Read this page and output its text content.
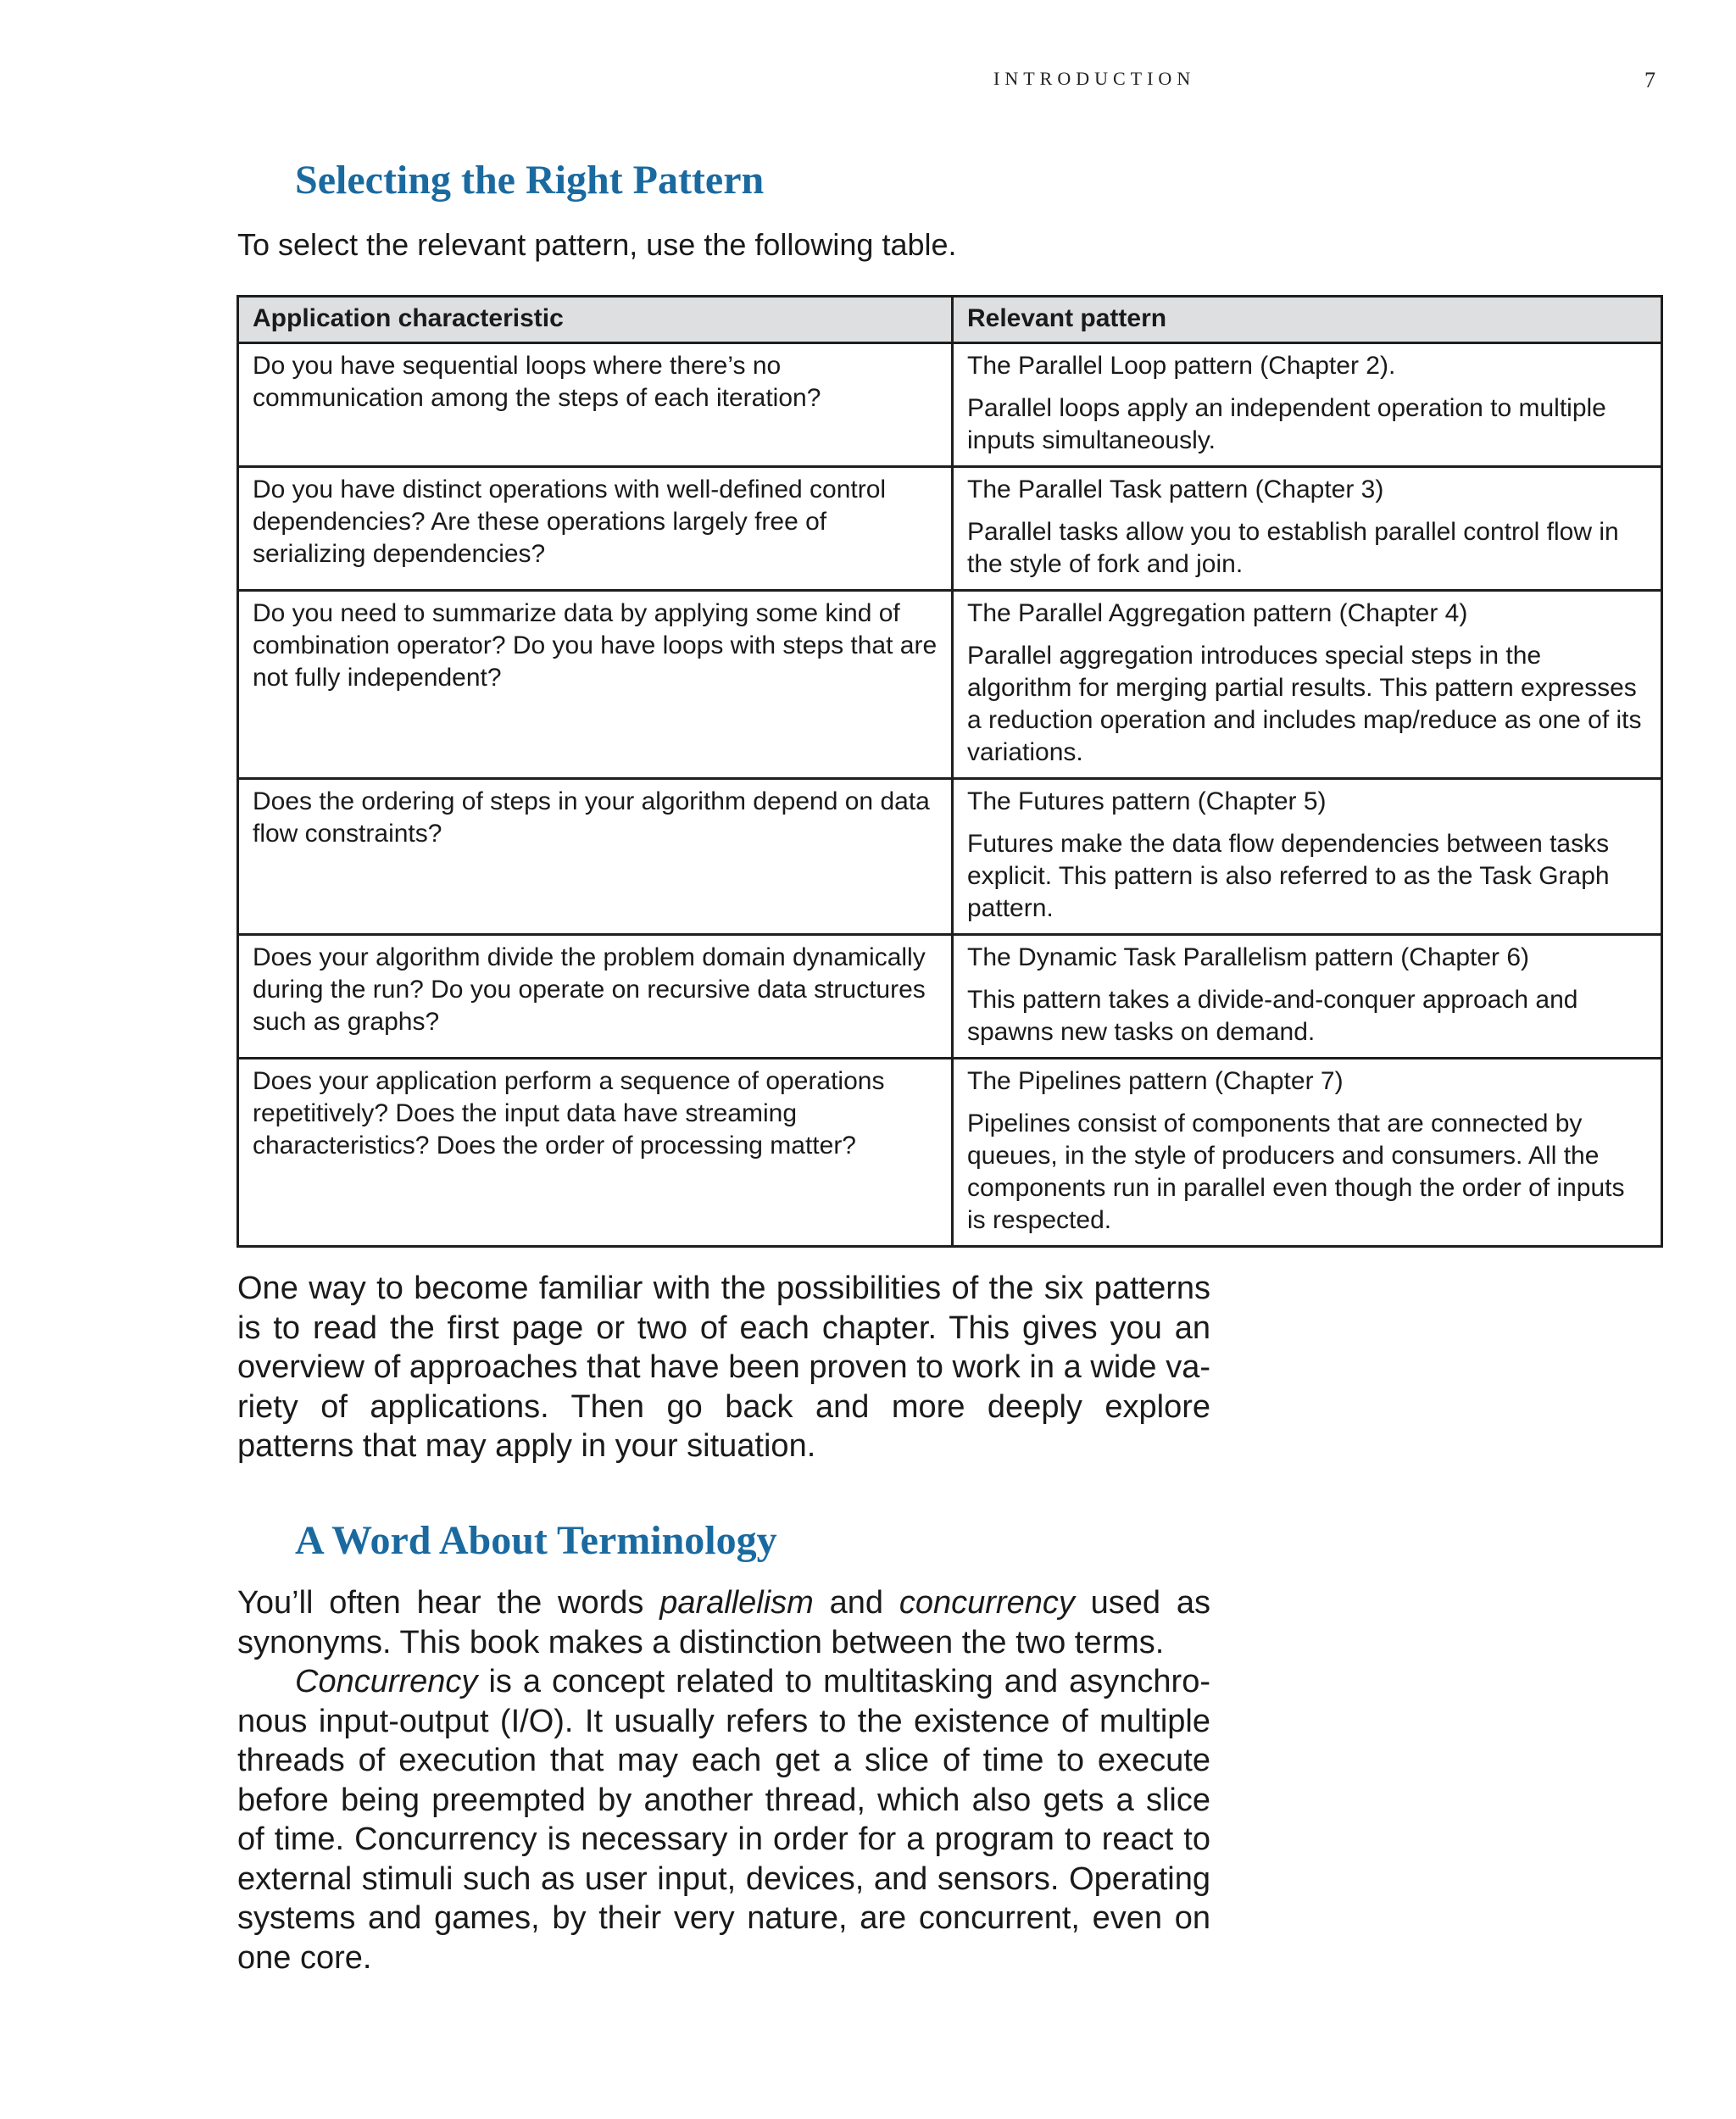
INTRODUCTION	7
Selecting the Right Pattern

To select the relevant pattern, use the following table.

Application characteristic	Relevant pattern
Do you have sequential loops where there’s no communication among the steps of each iteration?	The Parallel Loop pattern (Chapter 2).
Parallel loops apply an independent operation to multiple inputs simultaneously.

Do you have distinct operations with well-defined control dependencies? Are these operations largely free of serializing dependencies?	The Parallel Task pattern (Chapter 3)
Parallel tasks allow you to establish parallel control flow in the style of fork and join.

Do you need to summarize data by applying some kind of combination operator? Do you have loops with steps that are not fully independent?	The Parallel Aggregation pattern (Chapter 4)
Parallel aggregation introduces special steps in the algorithm for merging partial results. This pattern expresses a reduction operation and includes map/reduce as one of its variations.

Does the ordering of steps in your algorithm depend on data flow constraints?	The Futures pattern (Chapter 5)
Futures make the data flow dependencies between tasks explicit. This pattern is also referred to as the Task Graph pattern.

Does your algorithm divide the problem domain dynamically during the run? Do you operate on recursive data structures such as graphs?	The Dynamic Task Parallelism pattern (Chapter 6)
This pattern takes a divide-and-conquer approach and spawns new tasks on demand.

Does your application perform a sequence of operations repetitively? Does the input data have streaming characteristics? Does the order of processing matter?	The Pipelines pattern (Chapter 7)
Pipelines consist of components that are connected by queues, in the style of producers and consumers. All the components run in parallel even though the order of inputs is respected.

One way to become familiar with the possibilities of the six patterns is to read the first page or two of each chapter. This gives you an overview of approaches that have been proven to work in a wide variety of applications. Then go back and more deeply explore patterns that may apply in your situation.

A Word About Terminology

You’ll often hear the words parallelism and concurrency used as synonyms. This book makes a distinction between the two terms.

Concurrency is a concept related to multitasking and asynchronous input-output (I/O). It usually refers to the existence of multiple threads of execution that may each get a slice of time to execute before being preempted by another thread, which also gets a slice of time. Concurrency is necessary in order for a program to react to external stimuli such as user input, devices, and sensors. Operating systems and games, by their very nature, are concurrent, even on one core.
